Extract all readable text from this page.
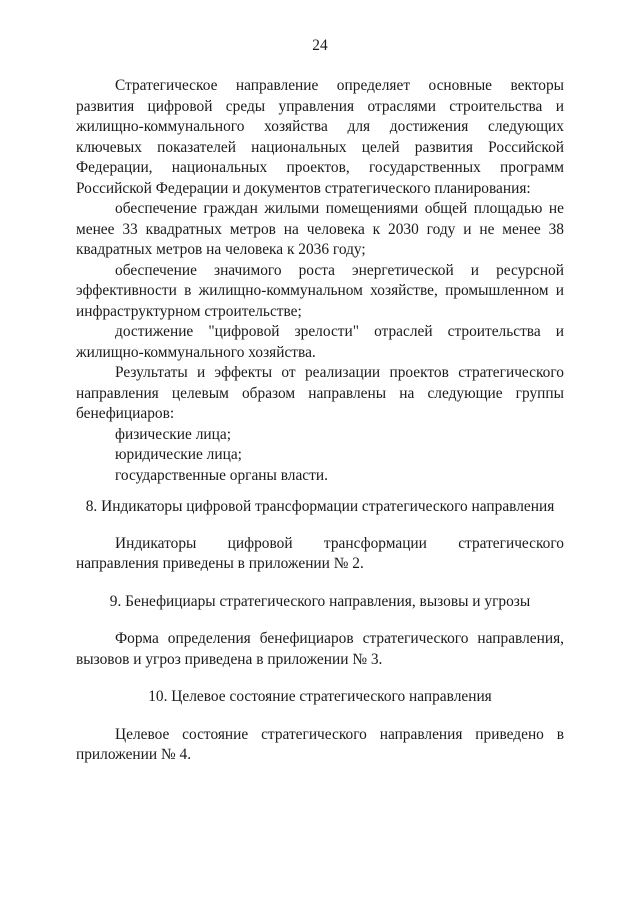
24

Стратегическое направление определяет основные векторы развития цифровой среды управления отраслями строительства и жилищно-коммунального хозяйства для достижения следующих ключевых показателей национальных целей развития Российской Федерации, национальных проектов, государственных программ Российской Федерации и документов стратегического планирования:

обеспечение граждан жилыми помещениями общей площадью не менее 33 квадратных метров на человека к 2030 году и не менее 38 квадратных метров на человека к 2036 году;

обеспечение значимого роста энергетической и ресурсной эффективности в жилищно-коммунальном хозяйстве, промышленном и инфраструктурном строительстве;

достижение "цифровой зрелости" отраслей строительства и жилищно-коммунального хозяйства.

Результаты и эффекты от реализации проектов стратегического направления целевым образом направлены на следующие группы бенефициаров:

физические лица;

юридические лица;

государственные органы власти.

8. Индикаторы цифровой трансформации стратегического направления

Индикаторы цифровой трансформации стратегического направления приведены в приложении № 2.

9. Бенефициары стратегического направления, вызовы и угрозы

Форма определения бенефициаров стратегического направления, вызовов и угроз приведена в приложении № 3.

10. Целевое состояние стратегического направления

Целевое состояние стратегического направления приведено в приложении № 4.
